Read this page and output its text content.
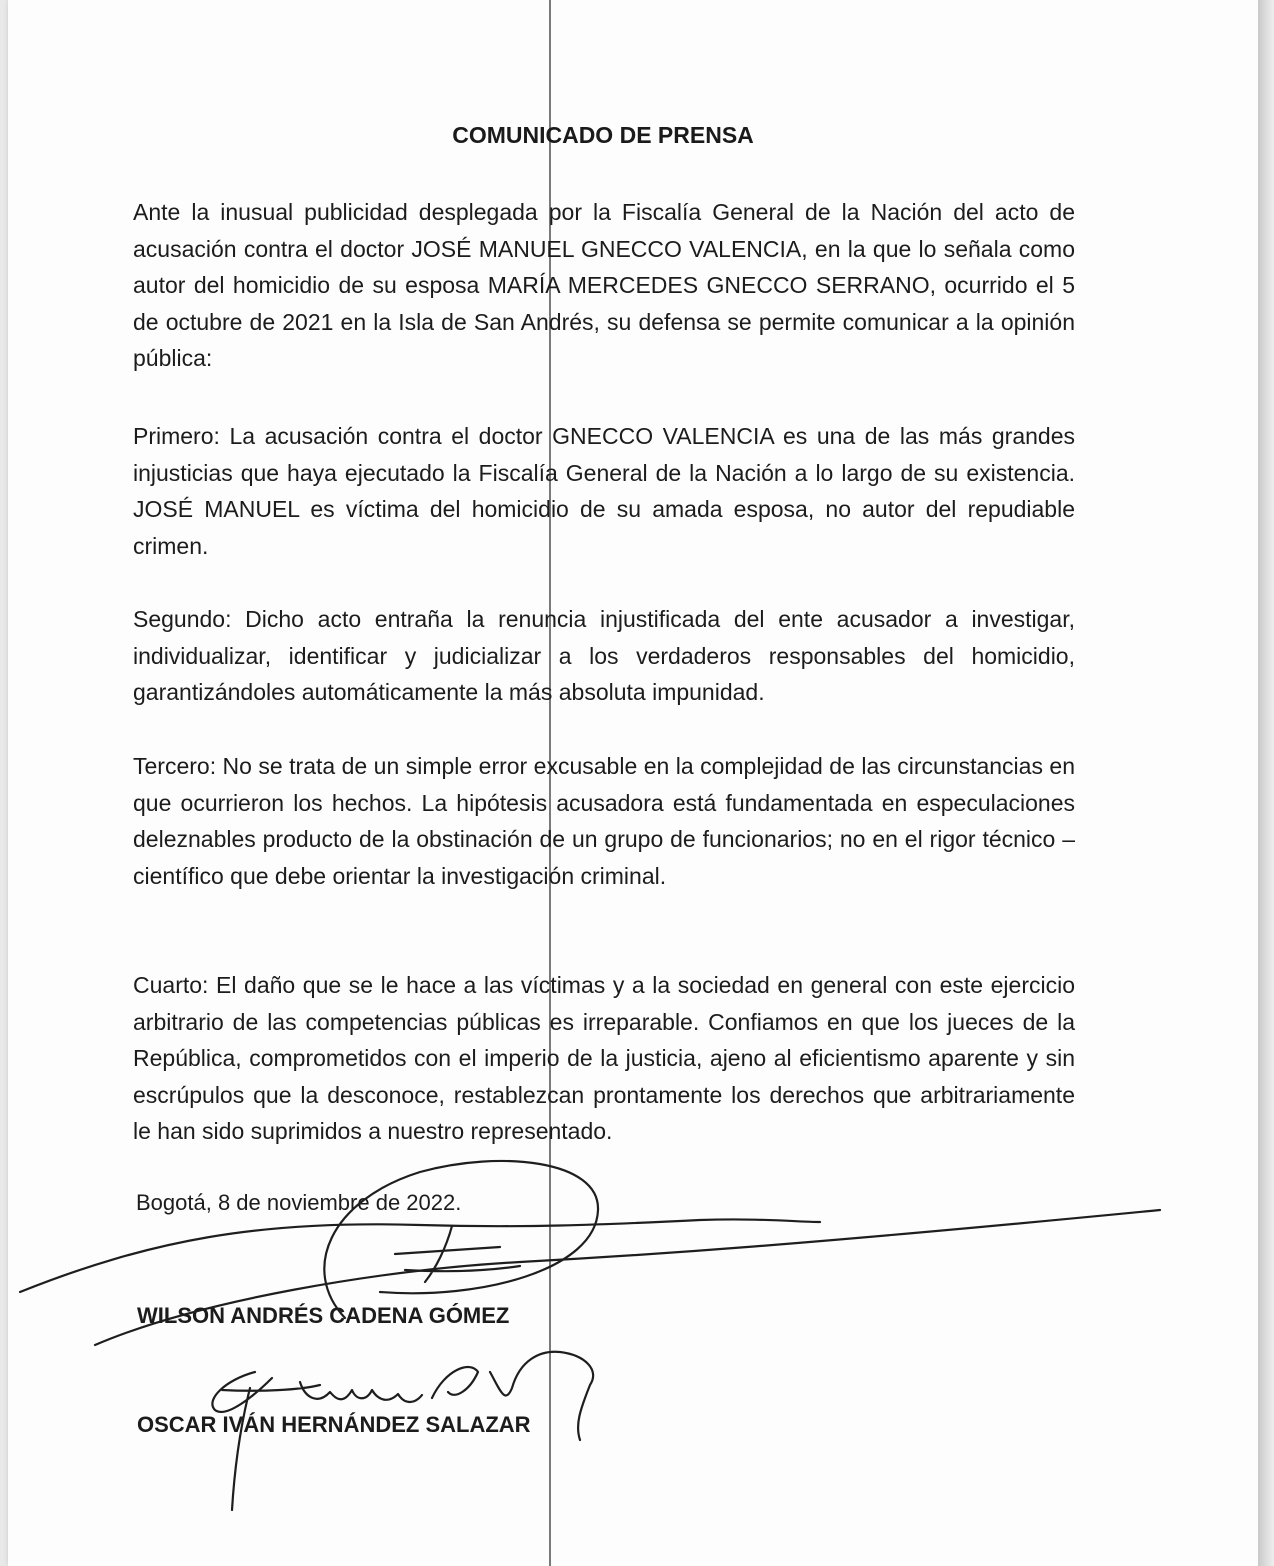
COMUNICADO DE PRENSA

Ante la inusual publicidad desplegada por la Fiscalía General de la Nación del acto de acusación contra el doctor JOSÉ MANUEL GNECCO VALENCIA, en la que lo señala como autor del homicidio de su esposa MARÍA MERCEDES GNECCO SERRANO, ocurrido el 5 de octubre de 2021 en la Isla de San Andrés, su defensa se permite comunicar a la opinión pública:

Primero: La acusación contra el doctor GNECCO VALENCIA es una de las más grandes injusticias que haya ejecutado la Fiscalía General de la Nación a lo largo de su existencia. JOSÉ MANUEL es víctima del homicidio de su amada esposa, no autor del repudiable crimen.

Segundo: Dicho acto entraña la renuncia injustificada del ente acusador a investigar, individualizar, identificar y judicializar a los verdaderos responsables del homicidio, garantizándoles automáticamente la más absoluta impunidad.

Tercero: No se trata de un simple error excusable en la complejidad de las circunstancias en que ocurrieron los hechos. La hipótesis acusadora está fundamentada en especulaciones deleznables producto de la obstinación de un grupo de funcionarios; no en el rigor técnico – científico que debe orientar la investigación criminal.

Cuarto: El daño que se le hace a las víctimas y a la sociedad en general con este ejercicio arbitrario de las competencias públicas es irreparable. Confiamos en que los jueces de la República, comprometidos con el imperio de la justicia, ajeno al eficientismo aparente y sin escrúpulos que la desconoce, restablezcan prontamente los derechos que arbitrariamente le han sido suprimidos a nuestro representado.

Bogotá, 8 de noviembre de 2022.
WILSON ANDRÉS CADENA GÓMEZ
OSCAR IVÁN HERNÁNDEZ SALAZAR
